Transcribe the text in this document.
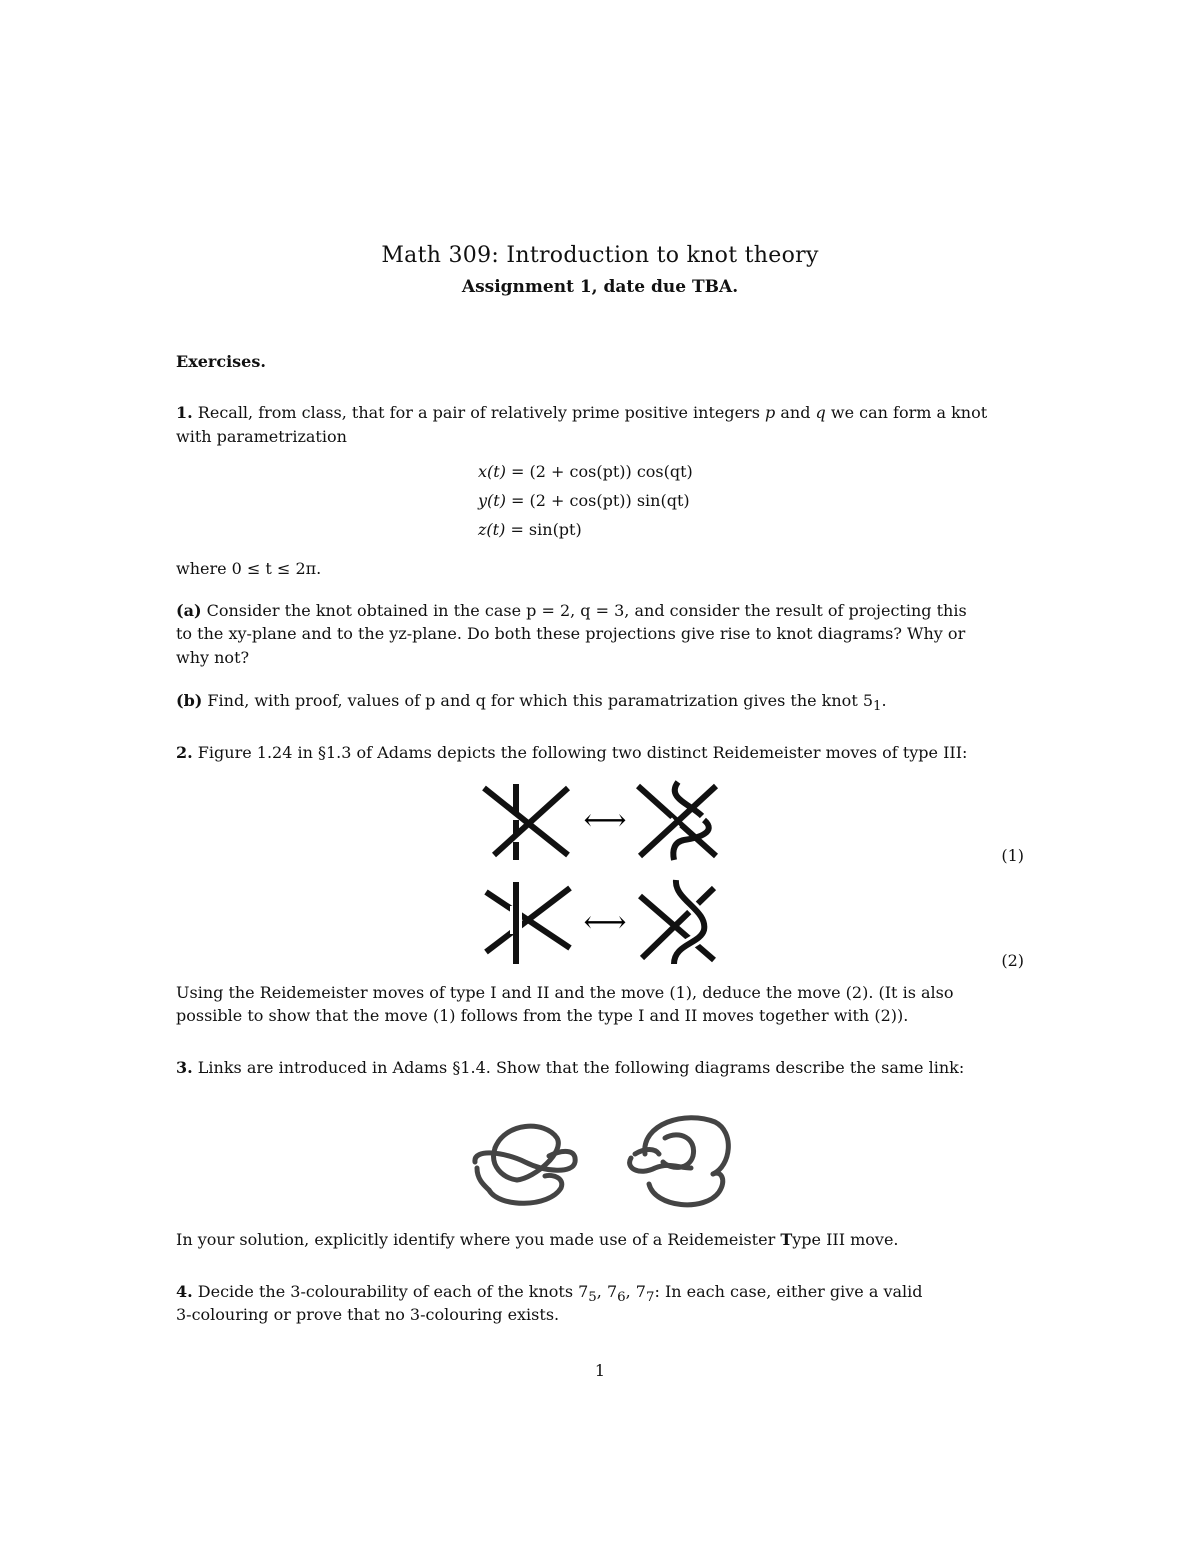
Math 309: Introduction to knot theory
Assignment 1, date due TBA.
Exercises.
1. Recall, from class, that for a pair of relatively prime positive integers p and q we can form a knot
with parametrization
x(t) = (2 + cos(pt)) cos(qt)
y(t) = (2 + cos(pt)) sin(qt)
z(t) = sin(pt)
where 0 ≤ t ≤ 2π.
(a) Consider the knot obtained in the case p = 2, q = 3, and consider the result of projecting this
to the xy-plane and to the yz-plane. Do both these projections give rise to knot diagrams? Why or
why not?
(b) Find, with proof, values of p and q for which this paramatrization gives the knot $5_1$.
2. Figure 1.24 in §1.3 of Adams depicts the following two distinct Reidemeister moves of type III:
⟷
(1)
⟷
(2)
Using the Reidemeister moves of type I and II and the move (1), deduce the move (2). (It is also
possible to show that the move (1) follows from the type I and II moves together with (2)).
3. Links are introduced in Adams §1.4. Show that the following diagrams describe the same link:
In your solution, explicitly identify where you made use of a Reidemeister Type III move.
4. Decide the 3-colourability of each of the knots $7_5$, $7_6$, $7_7$: In each case, either give a valid
3-colouring or prove that no 3-colouring exists.
1
